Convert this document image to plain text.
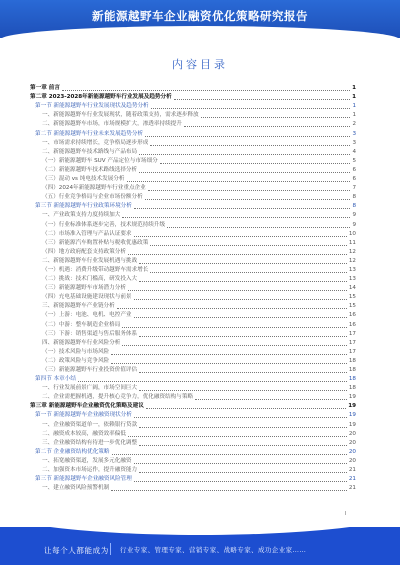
新能源越野车企业融资优化策略研究报告
内容目录
第一章 前言	1
第二章 2023-2028年新能源越野车行业发展及趋势分析	1
第一节 新能源越野车行业发展现状及趋势分析	1
一、新能源越野车行业发展现状，随着政策支持，需求逐步释放	1
二、新能源越野车市场，市场规模扩大，渗透率持续提升	2
第二节 新能源越野车行业未来发展趋势分析	3
一、市场需求持续增长，竞争格局逐步形成	3
二、新能源越野车技术路线与产品布局	4
（一）新能源越野车 SUV 产品定位与市场细分	5
（二）新能源越野车技术路线选择分析	6
（三）混动 vs 纯电技术发展分析	6
（四）2024年新能源越野车行业重点企业	7
（五）行业竞争格局与企业市场份额分析	8
第三节 新能源越野车行业政策环境分析	8
一、产业政策支持力度持续加大	9
（一）行业标准体系逐步完善，技术规范持续升级	9
（二）市场准入管理与产品认证要求	10
（三）新能源汽车购置补贴与税收优惠政策	11
（四）地方政府配套支持政策分析	12
二、新能源越野车行业发展机遇与挑战	12
（一）机遇：消费升级带动越野车需求增长	13
（二）挑战：技术门槛高，研发投入大	13
（三）新能源越野车市场潜力分析	14
（四）充电基础设施建设现状与前景	15
三、新能源越野车产业链分析	15
（一）上游：电池、电机、电控产业	16
（二）中游：整车制造企业格局	16
（三）下游：销售渠道与售后服务体系	17
四、新能源越野车行业风险分析	17
（一）技术风险与市场风险	17
（二）政策风险与竞争风险	18
（三）新能源越野车行业投资价值评估	18
第四节 本章小结	18
一、行业发展前景广阔，市场空间巨大	18
二、企业需把握机遇，提升核心竞争力，优化融资结构与策略	19
第三章 新能源越野车企业融资优化策略及建议	19
第一节 新能源越野车企业融资现状分析	19
一、企业融资渠道单一，依赖银行贷款	19
二、融资成本较高，融资效率偏低	20
三、企业融资结构有待进一步优化调整	20
第二节 企业融资结构优化策略	20
一、拓宽融资渠道，发展多元化融资	20
二、加强资本市场运作，提升融资能力	21
第三节 新能源越野车企业融资风险管理	21
一、建立融资风险预警机制	21
I
让每个人都能成为 行业专家、管理专家、营销专家、战略专家、成功企业家……
